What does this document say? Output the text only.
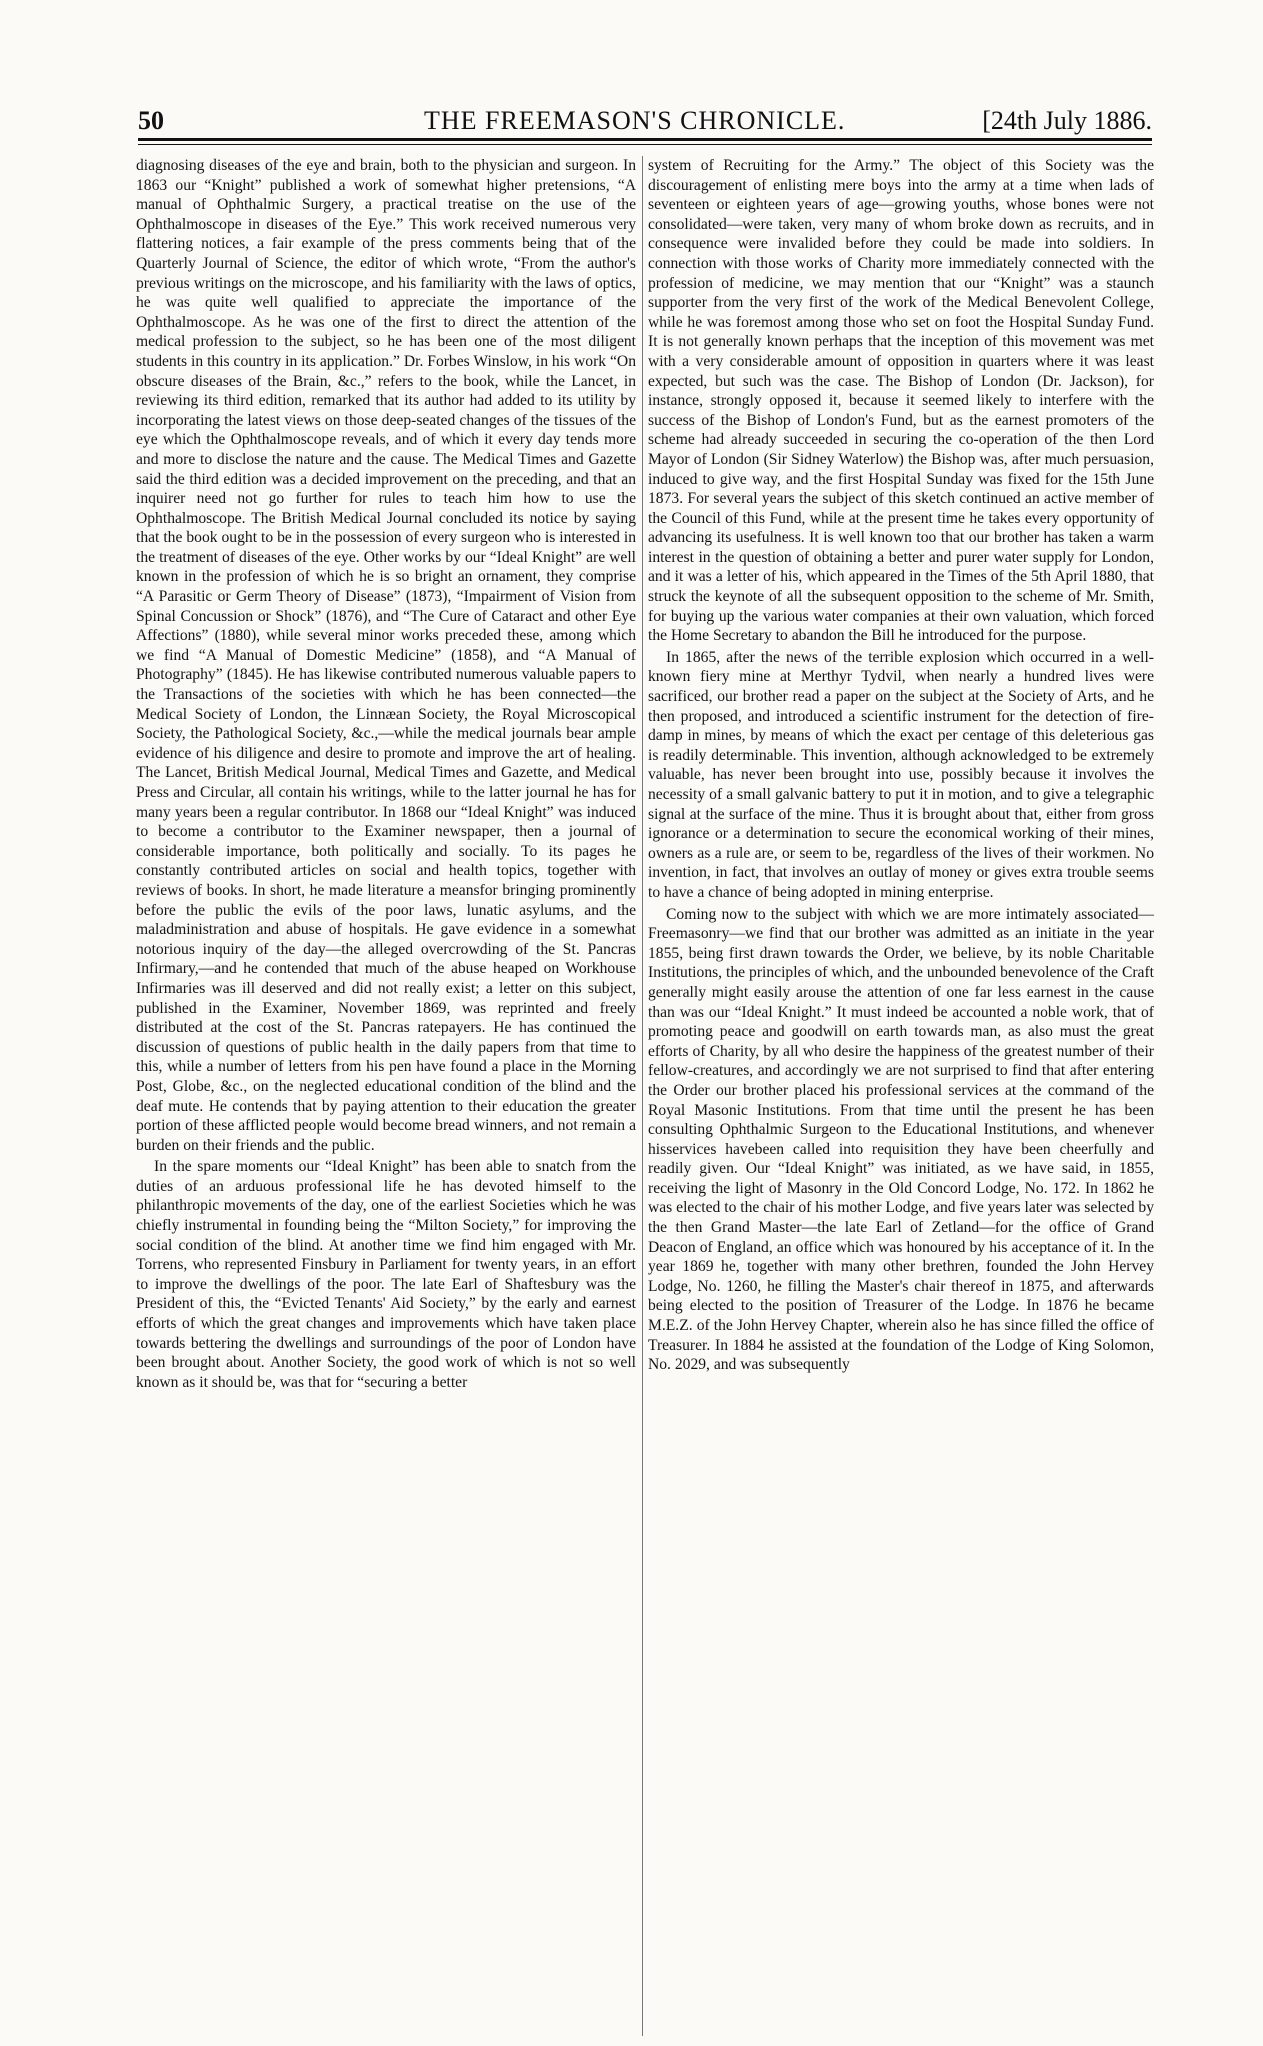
50	THE FREEMASON'S CHRONICLE.	[24th July 1886.

diagnosing diseases of the eye and brain, both to the physician and surgeon. In 1863 our “Knight” published a work of somewhat higher pretensions, “A manual of Ophthalmic Surgery, a practical treatise on the use of the Ophthalmoscope in diseases of the Eye.” This work received numerous very flattering notices, a fair example of the press comments being that of the Quarterly Journal of Science, the editor of which wrote, “From the author's previous writings on the microscope, and his familiarity with the laws of optics, he was quite well qualified to appreciate the importance of the Ophthalmoscope. As he was one of the first to direct the attention of the medical profession to the subject, so he has been one of the most diligent students in this country in its application.” Dr. Forbes Winslow, in his work “On obscure diseases of the Brain, &c.,” refers to the book, while the Lancet, in reviewing its third edition, remarked that its author had added to its utility by incorporating the latest views on those deep-seated changes of the tissues of the eye which the Ophthalmoscope reveals, and of which it every day tends more and more to disclose the nature and the cause. The Medical Times and Gazette said the third edition was a decided improvement on the preceding, and that an inquirer need not go further for rules to teach him how to use the Ophthalmoscope. The British Medical Journal concluded its notice by saying that the book ought to be in the possession of every surgeon who is interested in the treatment of diseases of the eye. Other works by our “Ideal Knight” are well known in the profession of which he is so bright an ornament, they comprise “A Parasitic or Germ Theory of Disease” (1873), “Impairment of Vision from Spinal Concussion or Shock” (1876), and “The Cure of Cataract and other Eye Affections” (1880), while several minor works preceded these, among which we find “A Manual of Domestic Medicine” (1858), and “A Manual of Photography” (1845). He has likewise contributed numerous valuable papers to the Transactions of the societies with which he has been connected—the Medical Society of London, the Linnæan Society, the Royal Microscopical Society, the Pathological Society, &c.,—while the medical journals bear ample evidence of his diligence and desire to promote and improve the art of healing. The Lancet, British Medical Journal, Medical Times and Gazette, and Medical Press and Circular, all contain his writings, while to the latter journal he has for many years been a regular contributor. In 1868 our “Ideal Knight” was induced to become a contributor to the Examiner newspaper, then a journal of considerable importance, both politically and socially. To its pages he constantly contributed articles on social and health topics, together with reviews of books. In short, he made literature a meansfor bringing prominently before the public the evils of the poor laws, lunatic asylums, and the maladministration and abuse of hospitals. He gave evidence in a somewhat notorious inquiry of the day—the alleged overcrowding of the St. Pancras Infirmary,—and he contended that much of the abuse heaped on Workhouse Infirmaries was ill deserved and did not really exist; a letter on this subject, published in the Examiner, November 1869, was reprinted and freely distributed at the cost of the St. Pancras ratepayers. He has continued the discussion of questions of public health in the daily papers from that time to this, while a number of letters from his pen have found a place in the Morning Post, Globe, &c., on the neglected educational condition of the blind and the deaf mute. He contends that by paying attention to their education the greater portion of these afflicted people would become bread winners, and not remain a burden on their friends and the public.

In the spare moments our “Ideal Knight” has been able to snatch from the duties of an arduous professional life he has devoted himself to the philanthropic movements of the day, one of the earliest Societies which he was chiefly instrumental in founding being the “Milton Society,” for improving the social condition of the blind. At another time we find him engaged with Mr. Torrens, who represented Finsbury in Parliament for twenty years, in an effort to improve the dwellings of the poor. The late Earl of Shaftesbury was the President of this, the “Evicted Tenants' Aid Society,” by the early and earnest efforts of which the great changes and improvements which have taken place towards bettering the dwellings and surroundings of the poor of London have been brought about. Another Society, the good work of which is not so well known as it should be, was that for “securing a better

system of Recruiting for the Army.” The object of this Society was the discouragement of enlisting mere boys into the army at a time when lads of seventeen or eighteen years of age—growing youths, whose bones were not consolidated—were taken, very many of whom broke down as recruits, and in consequence were invalided before they could be made into soldiers. In connection with those works of Charity more immediately connected with the profession of medicine, we may mention that our “Knight” was a staunch supporter from the very first of the work of the Medical Benevolent College, while he was foremost among those who set on foot the Hospital Sunday Fund. It is not generally known perhaps that the inception of this movement was met with a very considerable amount of opposition in quarters where it was least expected, but such was the case. The Bishop of London (Dr. Jackson), for instance, strongly opposed it, because it seemed likely to interfere with the success of the Bishop of London's Fund, but as the earnest promoters of the scheme had already succeeded in securing the co-operation of the then Lord Mayor of London (Sir Sidney Waterlow) the Bishop was, after much persuasion, induced to give way, and the first Hospital Sunday was fixed for the 15th June 1873. For several years the subject of this sketch continued an active member of the Council of this Fund, while at the present time he takes every opportunity of advancing its usefulness. It is well known too that our brother has taken a warm interest in the question of obtaining a better and purer water supply for London, and it was a letter of his, which appeared in the Times of the 5th April 1880, that struck the keynote of all the subsequent opposition to the scheme of Mr. Smith, for buying up the various water companies at their own valuation, which forced the Home Secretary to abandon the Bill he introduced for the purpose.

In 1865, after the news of the terrible explosion which occurred in a well-known fiery mine at Merthyr Tydvil, when nearly a hundred lives were sacrificed, our brother read a paper on the subject at the Society of Arts, and he then proposed, and introduced a scientific instrument for the detection of fire-damp in mines, by means of which the exact per centage of this deleterious gas is readily determinable. This invention, although acknowledged to be extremely valuable, has never been brought into use, possibly because it involves the necessity of a small galvanic battery to put it in motion, and to give a telegraphic signal at the surface of the mine. Thus it is brought about that, either from gross ignorance or a determination to secure the economical working of their mines, owners as a rule are, or seem to be, regardless of the lives of their workmen. No invention, in fact, that involves an outlay of money or gives extra trouble seems to have a chance of being adopted in mining enterprise.

Coming now to the subject with which we are more intimately associated—Freemasonry—we find that our brother was admitted as an initiate in the year 1855, being first drawn towards the Order, we believe, by its noble Charitable Institutions, the principles of which, and the unbounded benevolence of the Craft generally might easily arouse the attention of one far less earnest in the cause than was our “Ideal Knight.” It must indeed be accounted a noble work, that of promoting peace and goodwill on earth towards man, as also must the great efforts of Charity, by all who desire the happiness of the greatest number of their fellow-creatures, and accordingly we are not surprised to find that after entering the Order our brother placed his professional services at the command of the Royal Masonic Institutions. From that time until the present he has been consulting Ophthalmic Surgeon to the Educational Institutions, and whenever hisservices havebeen called into requisition they have been cheerfully and readily given. Our “Ideal Knight” was initiated, as we have said, in 1855, receiving the light of Masonry in the Old Concord Lodge, No. 172. In 1862 he was elected to the chair of his mother Lodge, and five years later was selected by the then Grand Master—the late Earl of Zetland—for the office of Grand Deacon of England, an office which was honoured by his acceptance of it. In the year 1869 he, together with many other brethren, founded the John Hervey Lodge, No. 1260, he filling the Master's chair thereof in 1875, and afterwards being elected to the position of Treasurer of the Lodge. In 1876 he became M.E.Z. of the John Hervey Chapter, wherein also he has since filled the office of Treasurer. In 1884 he assisted at the foundation of the Lodge of King Solomon, No. 2029, and was subsequently
